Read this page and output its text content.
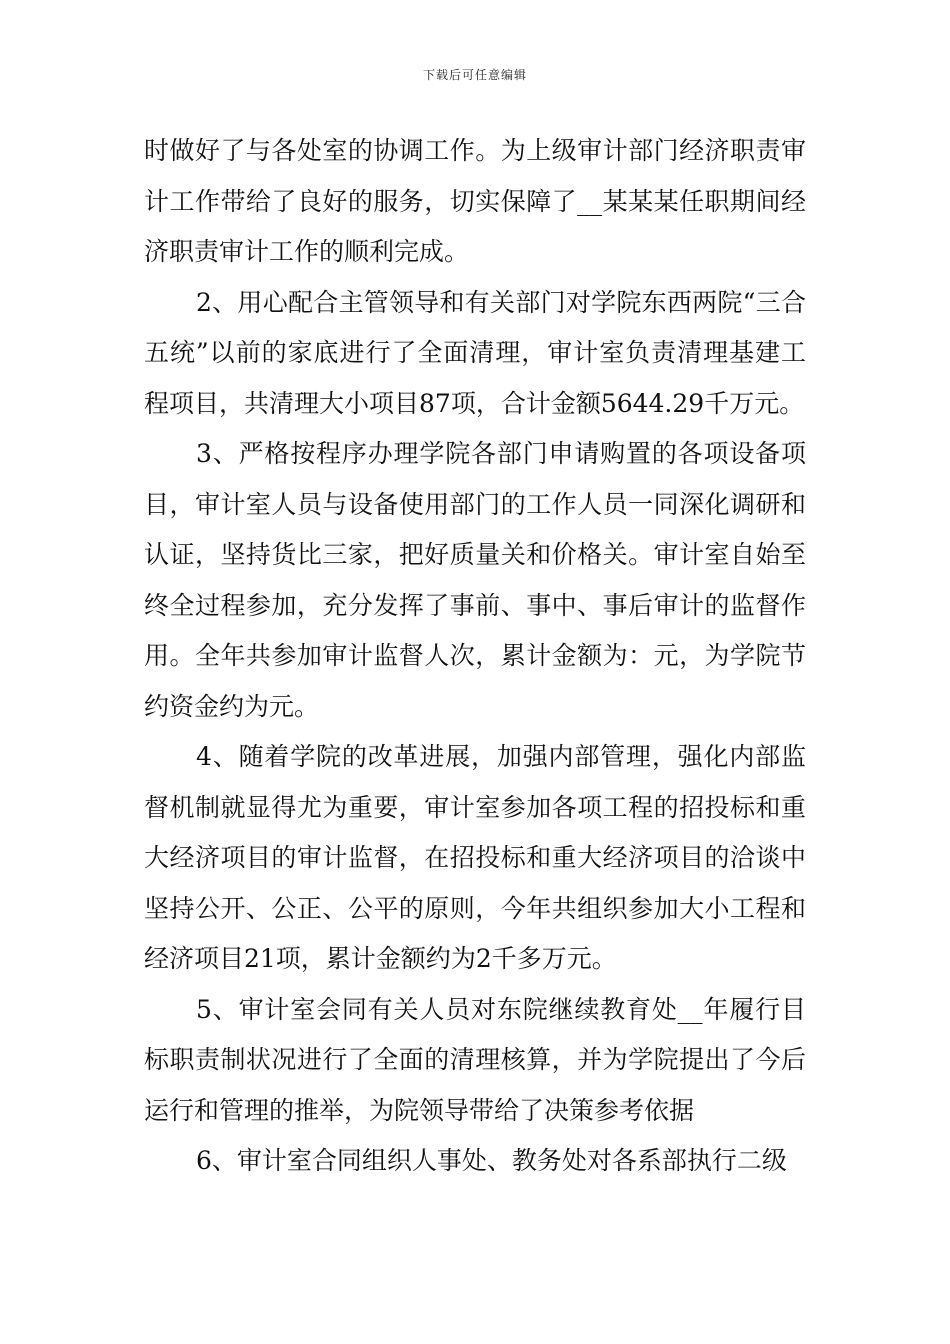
下载后可任意编辑

时做好了与各处室的协调工作。为上级审计部门经济职责审计工作带给了良好的服务，切实保障了__某某某任职期间经济职责审计工作的顺利完成。

2、用心配合主管领导和有关部门对学院东西两院“三合五统”以前的家底进行了全面清理，审计室负责清理基建工程项目，共清理大小项目87项，合计金额5644.29千万元。

3、严格按程序办理学院各部门申请购置的各项设备项目，审计室人员与设备使用部门的工作人员一同深化调研和认证，坚持货比三家，把好质量关和价格关。审计室自始至终全过程参加，充分发挥了事前、事中、事后审计的监督作用。全年共参加审计监督人次，累计金额为：元，为学院节约资金约为元。

4、随着学院的改革进展，加强内部管理，强化内部监督机制就显得尤为重要，审计室参加各项工程的招投标和重大经济项目的审计监督，在招投标和重大经济项目的洽谈中坚持公开、公正、公平的原则，今年共组织参加大小工程和经济项目21项，累计金额约为2千多万元。

5、审计室会同有关人员对东院继续教育处__年履行目标职责制状况进行了全面的清理核算，并为学院提出了今后运行和管理的推举，为院领导带给了决策参考依据

6、审计室合同组织人事处、教务处对各系部执行二级
